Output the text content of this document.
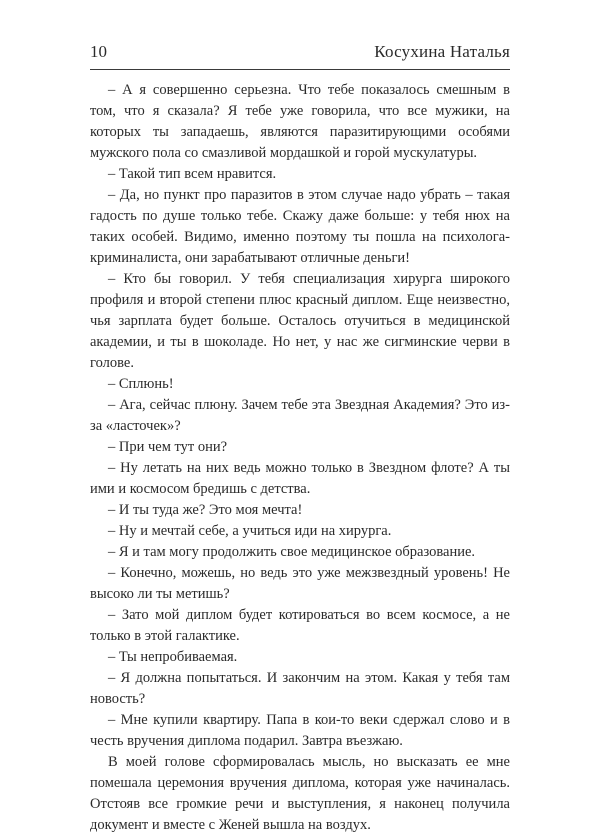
10	Косухина Наталья

– А я совершенно серьезна. Что тебе показалось смешным в том, что я сказала? Я тебе уже говорила, что все мужики, на которых ты западаешь, являются паразитирующими особями мужского пола со смазливой мордашкой и горой мускулатуры.

– Такой тип всем нравится.

– Да, но пункт про паразитов в этом случае надо убрать – такая гадость по душе только тебе. Скажу даже больше: у тебя нюх на таких особей. Видимо, именно поэтому ты пошла на психолога-криминалиста, они зарабатывают отличные деньги!

– Кто бы говорил. У тебя специализация хирурга широкого профиля и второй степени плюс красный диплом. Еще неизвестно, чья зарплата будет больше. Осталось отучиться в медицинской академии, и ты в шоколаде. Но нет, у нас же сигминские черви в голове.

– Сплюнь!

– Ага, сейчас плюну. Зачем тебе эта Звездная Академия? Это из-за «ласточек»?

– При чем тут они?

– Ну летать на них ведь можно только в Звездном флоте? А ты ими и космосом бредишь с детства.

– И ты туда же? Это моя мечта!

– Ну и мечтай себе, а учиться иди на хирурга.

– Я и там могу продолжить свое медицинское образование.

– Конечно, можешь, но ведь это уже межзвездный уровень! Не высоко ли ты метишь?

– Зато мой диплом будет котироваться во всем космосе, а не только в этой галактике.

– Ты непробиваемая.

– Я должна попытаться. И закончим на этом. Какая у тебя там новость?

– Мне купили квартиру. Папа в кои-то веки сдержал слово и в честь вручения диплома подарил. Завтра въезжаю.

В моей голове сформировалась мысль, но высказать ее мне помешала церемония вручения диплома, которая уже начиналась. Отстояв все громкие речи и выступления, я наконец получила документ и вместе с Женей вышла на воздух.
